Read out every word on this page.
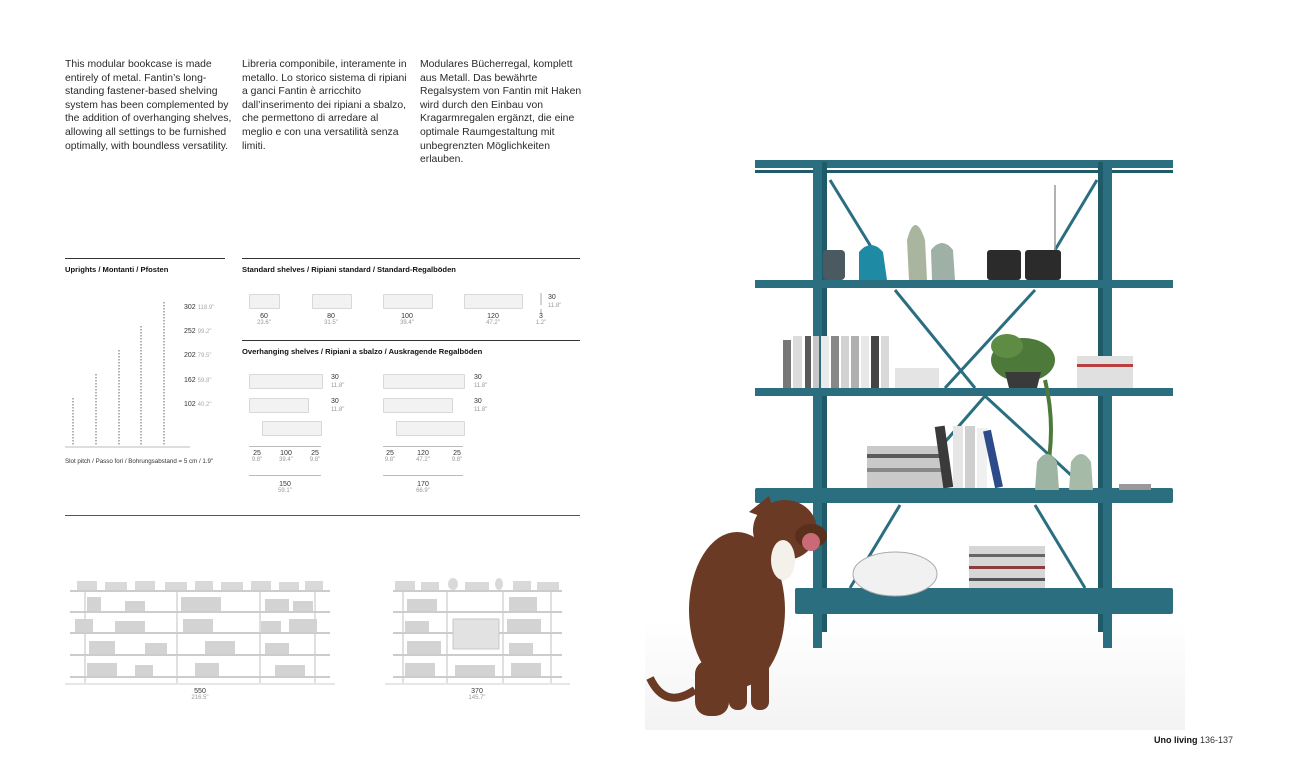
This modular bookcase is made entirely of metal. Fantin’s long-standing fastener-based shelving system has been complemented by the addition of overhanging shelves, allowing all settings to be furnished optimally, with boundless versatility.
Libreria componibile, interamente in metallo. Lo storico sistema di ripiani a ganci Fantin è arricchito dall’inserimento dei ripiani a sbalzo, che permettono di arredare al meglio e con una versatilità senza limiti.
Modulares Bücherregal, komplett aus Metall. Das bewährte Regalsystem von Fantin mit Haken wird durch den Einbau von Kragarmregalen ergänzt, die eine optimale Raumgestaltung mit unbegrenzten Möglichkeiten erlauben.
Uprights / Montanti / Pfosten
302 118.9"
252 99.2"
202 79.5"
162 59.8"
102 40.2"
Slot pitch / Passo fori / Bohrungsabstand = 5 cm / 1.9"
Standard shelves / Ripiani standard / Standard-Regalböden
60
23.6"
80
31.5"
100
39.4"
120
47.2"
30
11.8"
3
1.2"
Overhanging shelves / Ripiani a sbalzo / Auskragende Regalböden
30
11.8"
30
11.8"
25
9.8"
100
39.4"
25
9.8"
150
59.1"
30
11.8"
30
11.8"
25
9.8"
120
47.2"
25
9.8"
170
66.9"
550
216.5"
370
145.7"
Uno living 136-137
